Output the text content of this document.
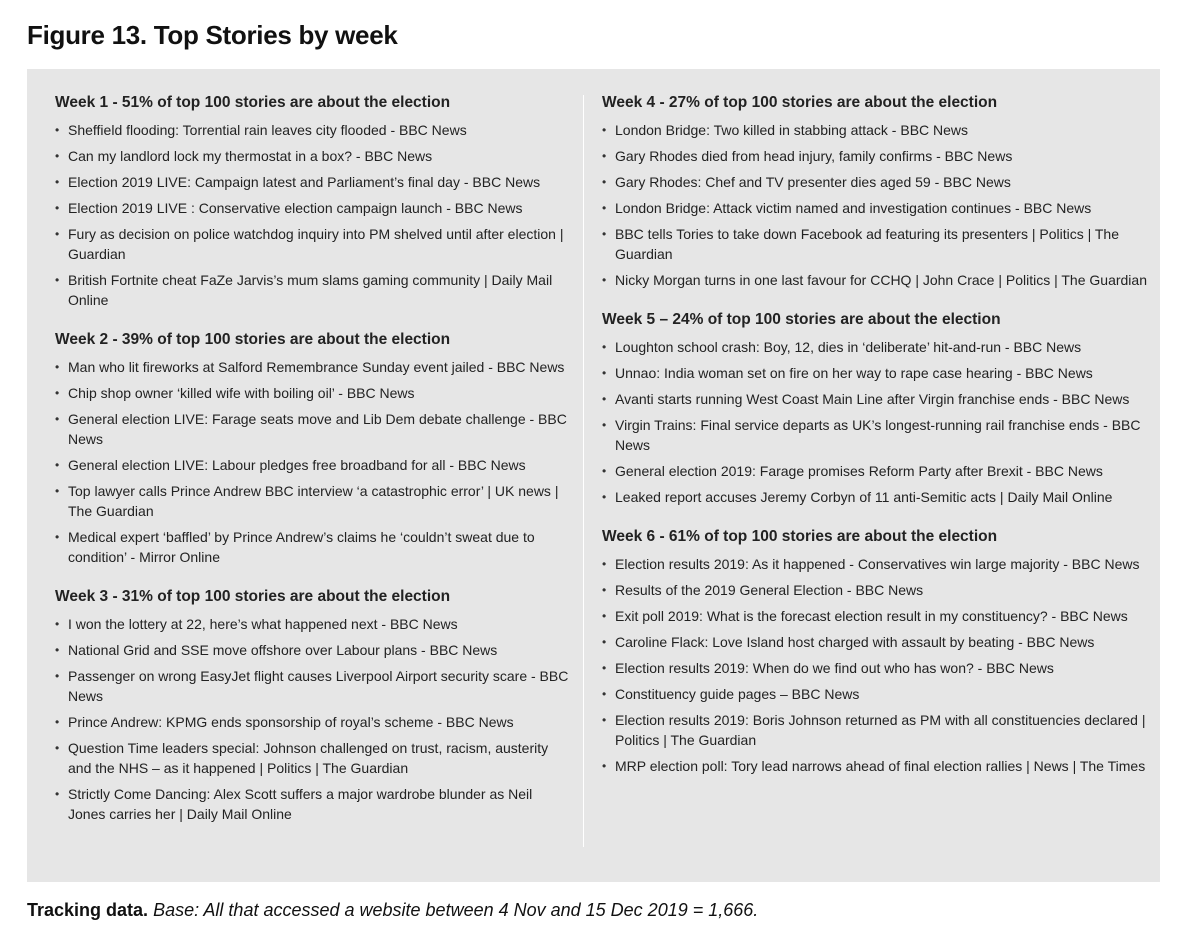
Figure 13. Top Stories by week
Week 1 - 51% of top 100 stories are about the election
• Sheffield flooding: Torrential rain leaves city flooded - BBC News
• Can my landlord lock my thermostat in a box? - BBC News
• Election 2019 LIVE: Campaign latest and Parliament’s final day - BBC News
• Election 2019 LIVE : Conservative election campaign launch - BBC News
• Fury as decision on police watchdog inquiry into PM shelved until after election | Guardian
• British Fortnite cheat FaZe Jarvis’s mum slams gaming community | Daily Mail Online
Week 2 - 39% of top 100 stories are about the election
• Man who lit fireworks at Salford Remembrance Sunday event jailed - BBC News
• Chip shop owner ‘killed wife with boiling oil’ - BBC News
• General election LIVE: Farage seats move and Lib Dem debate challenge - BBC News
• General election LIVE: Labour pledges free broadband for all - BBC News
• Top lawyer calls Prince Andrew BBC interview ‘a catastrophic error’ | UK news | The Guardian
• Medical expert ‘baffled’ by Prince Andrew’s claims he ‘couldn’t sweat due to condition’ - Mirror Online
Week 3 - 31% of top 100 stories are about the election
• I won the lottery at 22, here’s what happened next - BBC News
• National Grid and SSE move offshore over Labour plans - BBC News
• Passenger on wrong EasyJet flight causes Liverpool Airport security scare - BBC News
• Prince Andrew: KPMG ends sponsorship of royal’s scheme - BBC News
• Question Time leaders special: Johnson challenged on trust, racism, austerity and the NHS – as it happened | Politics | The Guardian
• Strictly Come Dancing: Alex Scott suffers a major wardrobe blunder as Neil Jones carries her | Daily Mail Online
Week 4 - 27% of top 100 stories are about the election
• London Bridge: Two killed in stabbing attack - BBC News
• Gary Rhodes died from head injury, family confirms - BBC News
• Gary Rhodes: Chef and TV presenter dies aged 59 - BBC News
• London Bridge: Attack victim named and investigation continues - BBC News
• BBC tells Tories to take down Facebook ad featuring its presenters | Politics | The Guardian
• Nicky Morgan turns in one last favour for CCHQ | John Crace | Politics | The Guardian
Week 5 – 24% of top 100 stories are about the election
• Loughton school crash: Boy, 12, dies in ‘deliberate’ hit-and-run - BBC News
• Unnao: India woman set on fire on her way to rape case hearing - BBC News
• Avanti starts running West Coast Main Line after Virgin franchise ends - BBC News
• Virgin Trains: Final service departs as UK’s longest-running rail franchise ends - BBC News
• General election 2019: Farage promises Reform Party after Brexit - BBC News
• Leaked report accuses Jeremy Corbyn of 11 anti-Semitic acts | Daily Mail Online
Week 6 - 61% of top 100 stories are about the election
• Election results 2019: As it happened - Conservatives win large majority - BBC News
• Results of the 2019 General Election - BBC News
• Exit poll 2019: What is the forecast election result in my constituency? - BBC News
• Caroline Flack: Love Island host charged with assault by beating - BBC News
• Election results 2019: When do we find out who has won? - BBC News
• Constituency guide pages – BBC News
• Election results 2019: Boris Johnson returned as PM with all constituencies declared | Politics | The Guardian
• MRP election poll: Tory lead narrows ahead of final election rallies | News | The Times
Tracking data. Base: All that accessed a website between 4 Nov and 15 Dec 2019 = 1,666.
